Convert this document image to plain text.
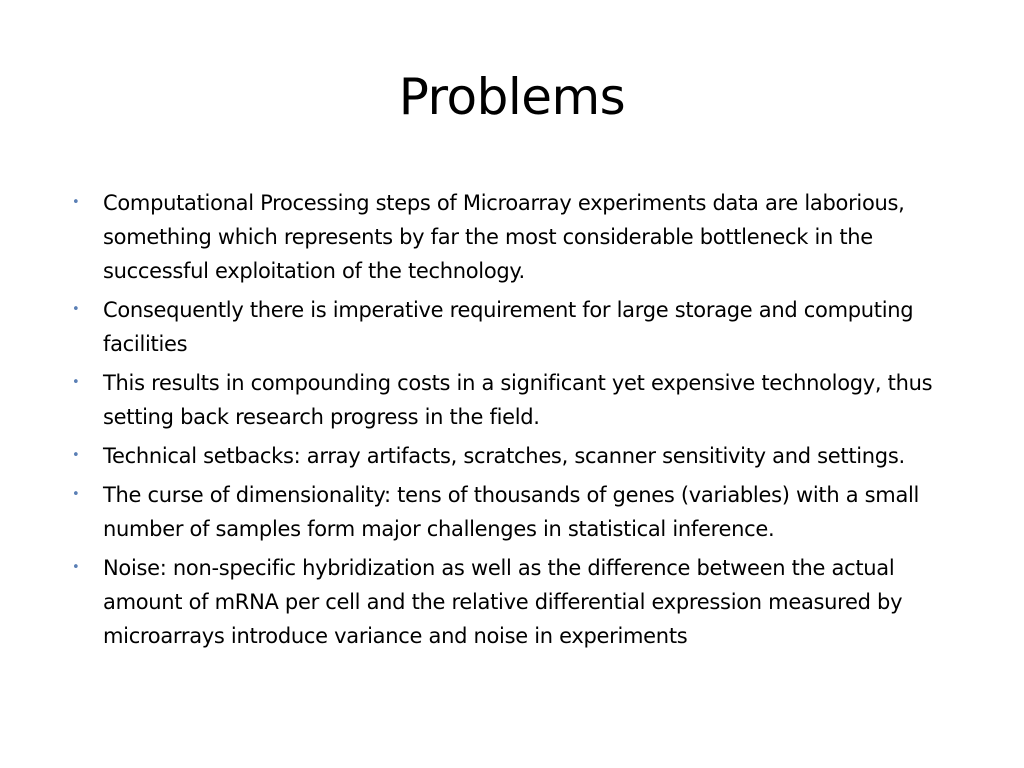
Problems
• Computational Processing steps of Microarray experiments data are laborious, something which represents by far the most considerable bottleneck in the successful exploitation of the technology.
• Consequently there is imperative requirement for large storage and computing facilities
• This results in compounding costs in a significant yet expensive technology, thus setting back research progress in the field.
• Technical setbacks: array artifacts, scratches, scanner sensitivity and settings.
• The curse of dimensionality: tens of thousands of genes (variables) with a small number of samples form major challenges in statistical inference.
• Noise: non-specific hybridization as well as the difference between the actual amount of mRNA per cell and the relative differential expression measured by microarrays introduce variance and noise in experiments
